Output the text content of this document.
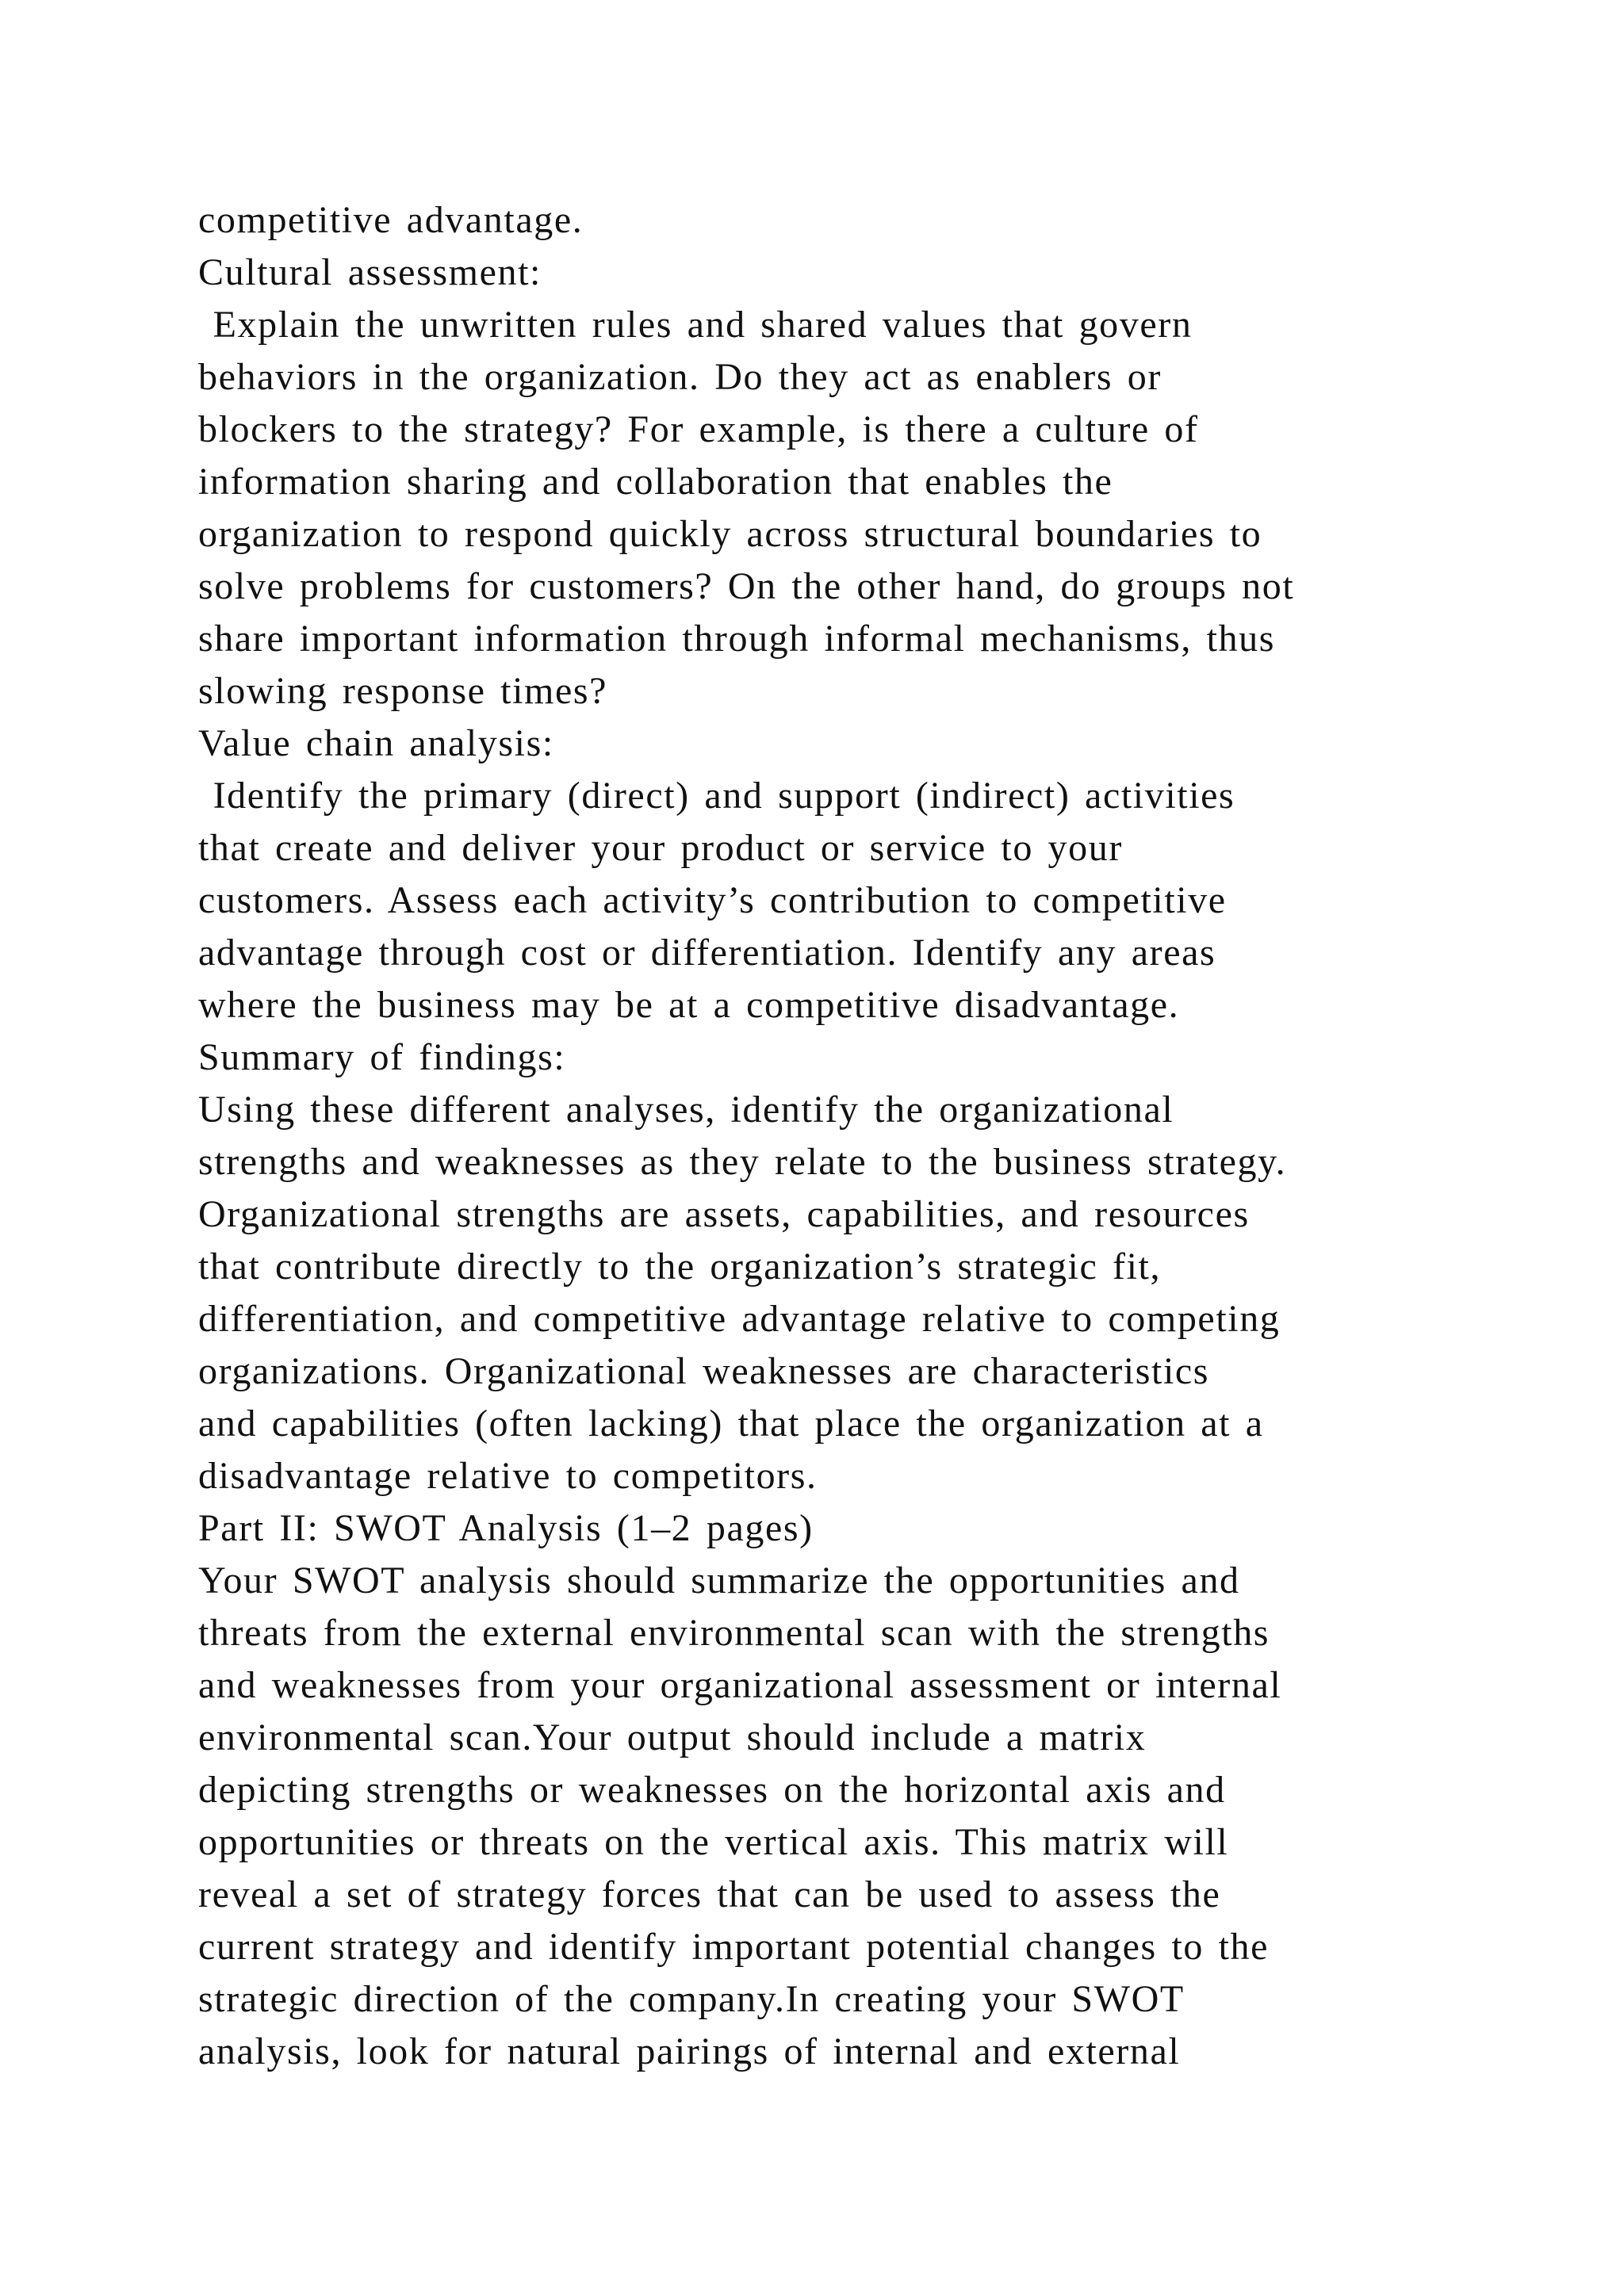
competitive advantage.
Cultural assessment:
Explain the unwritten rules and shared values that govern
behaviors in the organization. Do they act as enablers or
blockers to the strategy? For example, is there a culture of
information sharing and collaboration that enables the
organization to respond quickly across structural boundaries to
solve problems for customers? On the other hand, do groups not
share important information through informal mechanisms, thus
slowing response times?
Value chain analysis:
Identify the primary (direct) and support (indirect) activities
that create and deliver your product or service to your
customers. Assess each activity’s contribution to competitive
advantage through cost or differentiation. Identify any areas
where the business may be at a competitive disadvantage.
Summary of findings:
Using these different analyses, identify the organizational
strengths and weaknesses as they relate to the business strategy.
Organizational strengths are assets, capabilities, and resources
that contribute directly to the organization’s strategic fit,
differentiation, and competitive advantage relative to competing
organizations. Organizational weaknesses are characteristics
and capabilities (often lacking) that place the organization at a
disadvantage relative to competitors.
Part II: SWOT Analysis (1–2 pages)
Your SWOT analysis should summarize the opportunities and
threats from the external environmental scan with the strengths
and weaknesses from your organizational assessment or internal
environmental scan.Your output should include a matrix
depicting strengths or weaknesses on the horizontal axis and
opportunities or threats on the vertical axis. This matrix will
reveal a set of strategy forces that can be used to assess the
current strategy and identify important potential changes to the
strategic direction of the company.In creating your SWOT
analysis, look for natural pairings of internal and external
